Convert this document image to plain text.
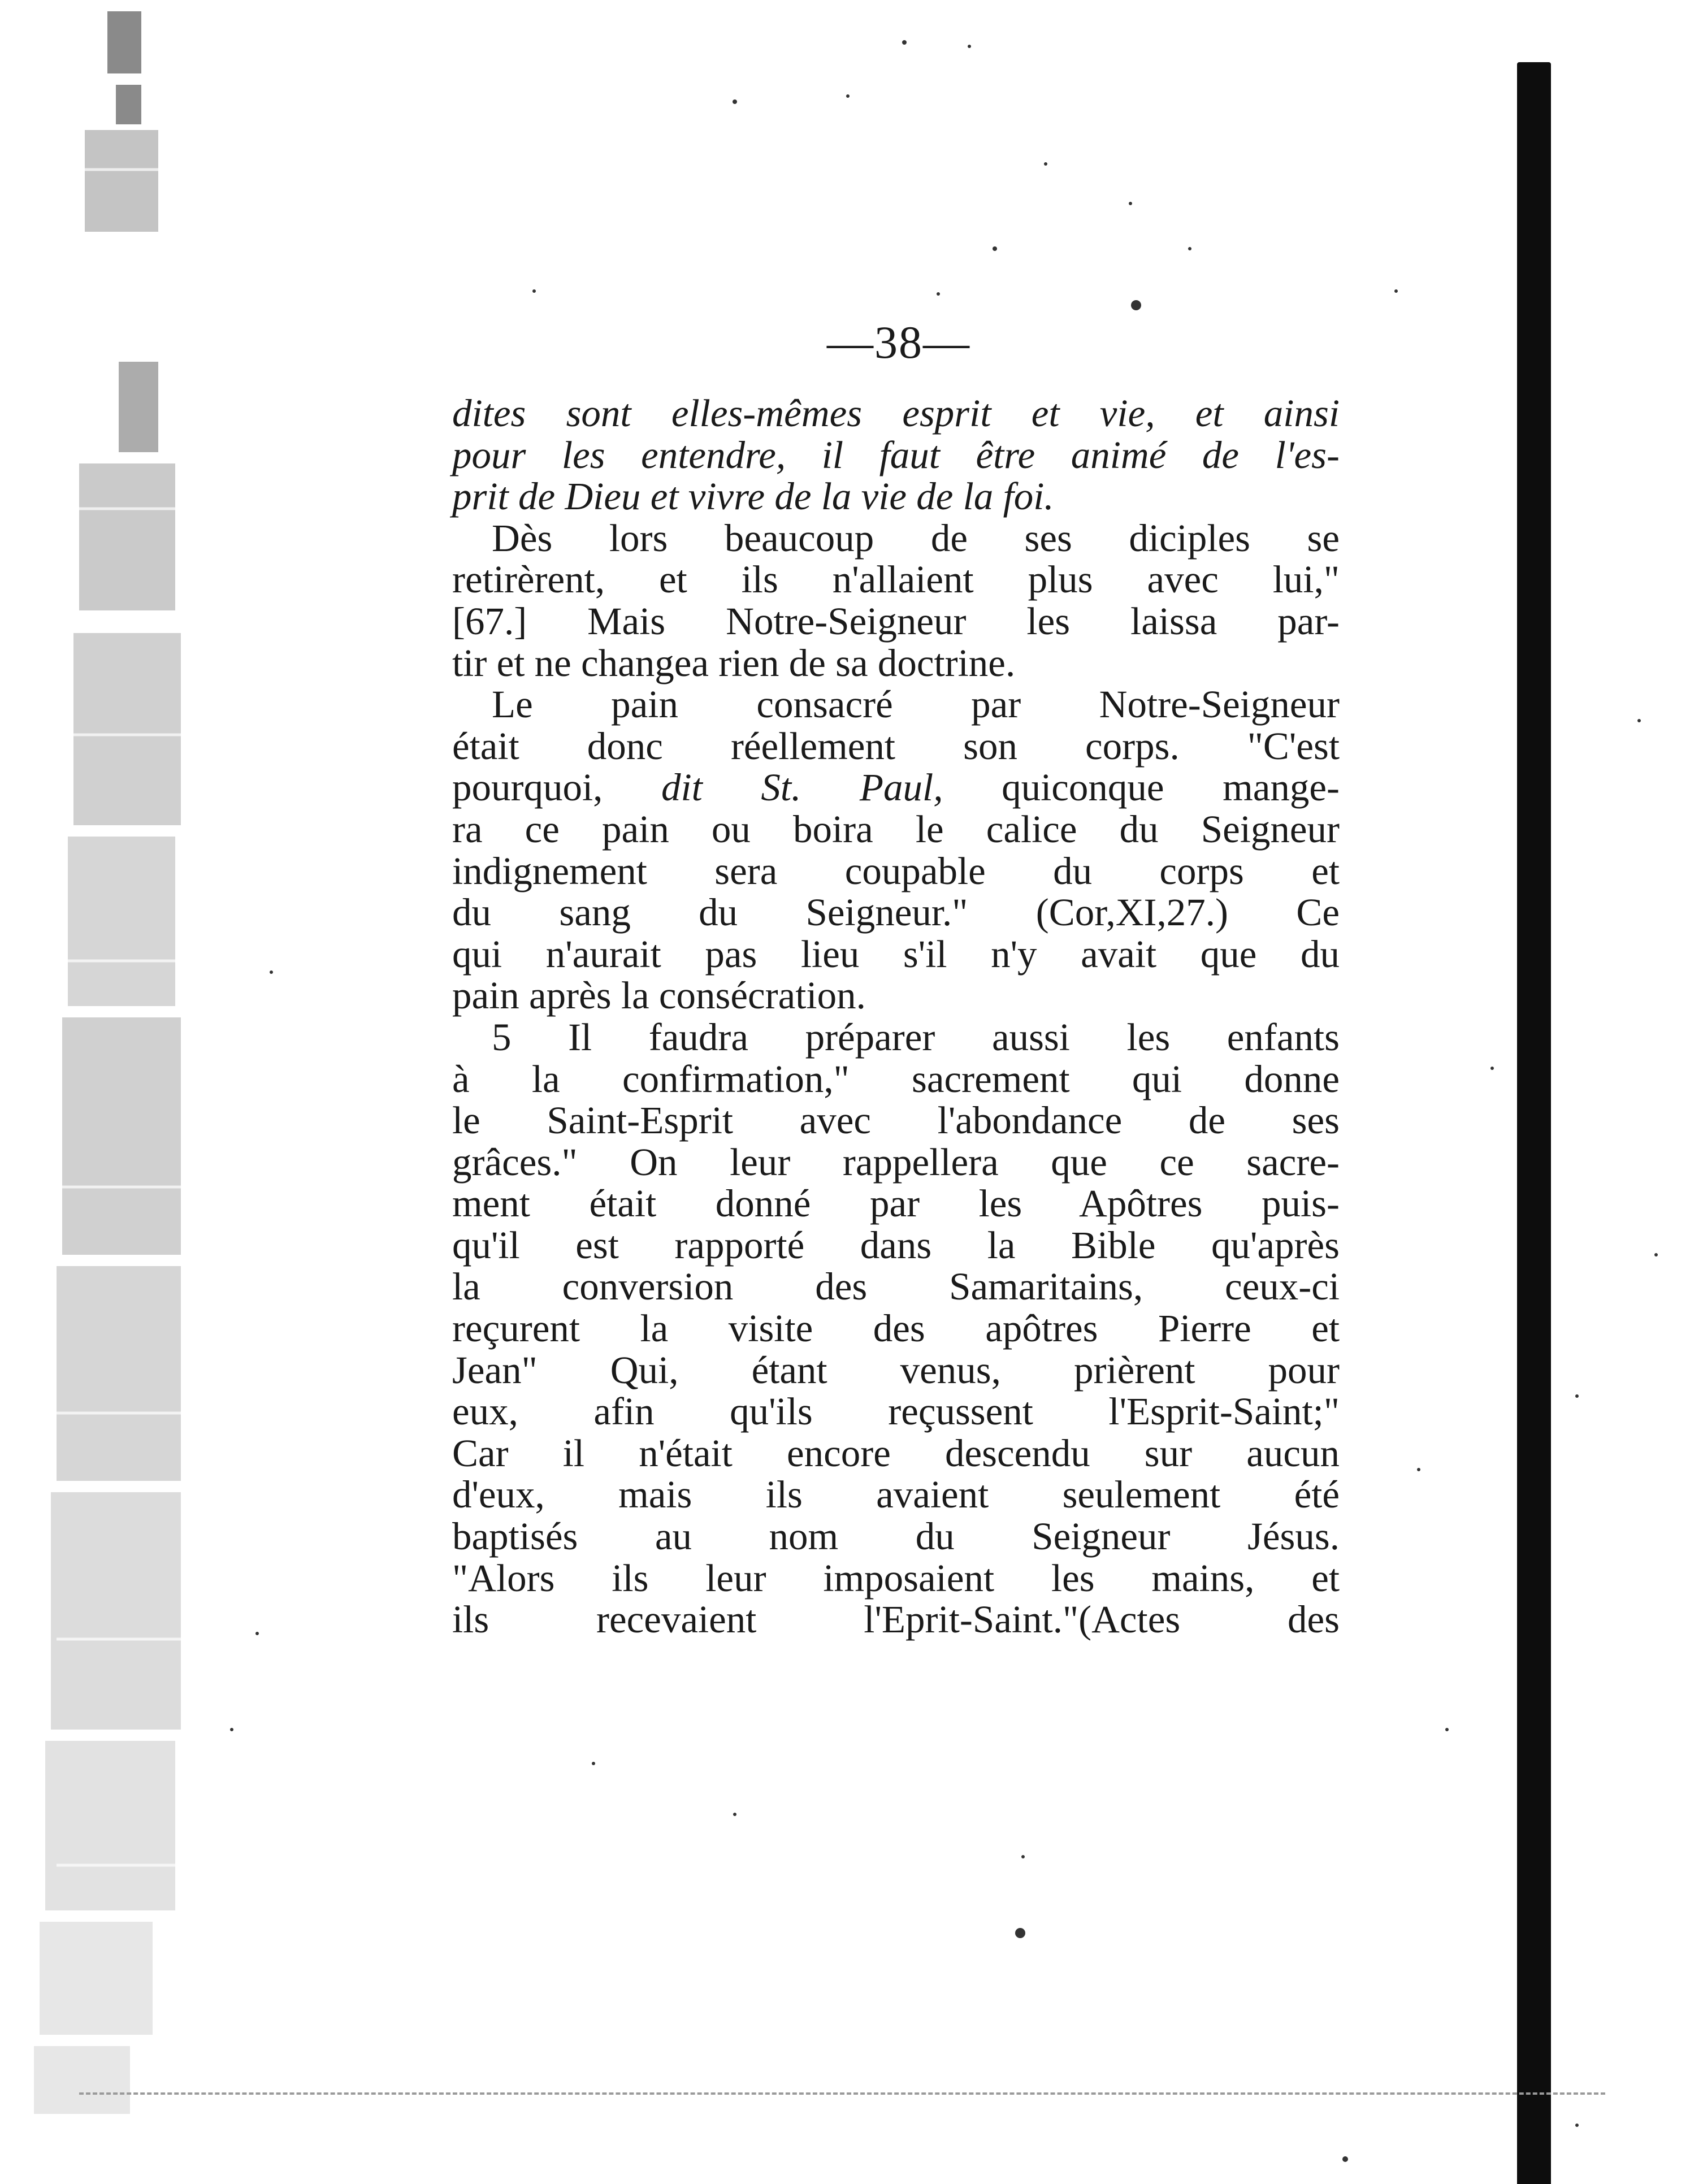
—38—
dites sont elles-mêmes esprit et vie, et ainsi
pour les entendre, il faut être animé de l'es-
prit de Dieu et vivre de la vie de la foi.
Dès lors beaucoup de ses diciples se
retirèrent, et ils n'allaient plus avec lui,"
[67.] Mais Notre-Seigneur les laissa par-
tir et ne changea rien de sa doctrine.
Le pain consacré par Notre-Seigneur
était donc réellement son corps. "C'est
pourquoi, dit St. Paul, quiconque mange-
ra ce pain ou boira le calice du Seigneur
indignement sera coupable du corps et
du sang du Seigneur." (Cor,XI,27.) Ce
qui n'aurait pas lieu s'il n'y avait que du
pain après la consécration.
5 Il faudra préparer aussi les enfants
à la confirmation," sacrement qui donne
le Saint-Esprit avec l'abondance de ses
grâces." On leur rappellera que ce sacre-
ment était donné par les Apôtres puis-
qu'il est rapporté dans la Bible qu'après
la conversion des Samaritains, ceux-ci
reçurent la visite des apôtres Pierre et
Jean" Qui, étant venus, prièrent pour
eux, afin qu'ils reçussent l'Esprit-Saint;"
Car il n'était encore descendu sur aucun
d'eux, mais ils avaient seulement été
baptisés au nom du Seigneur Jésus.
"Alors ils leur imposaient les mains, et
ils recevaient l'Eprit-Saint."(Actes des
